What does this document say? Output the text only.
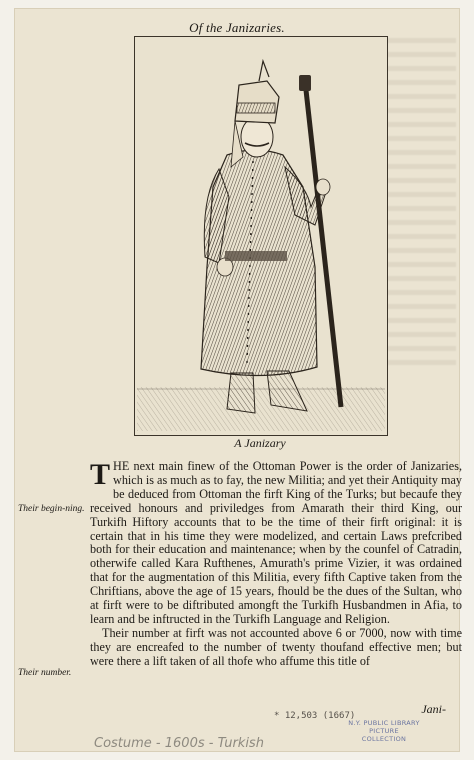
Of the Janizaries.
A Janizary
Their begin-ning.
Their number.

THE next main finew of the Ottoman Power is the order of Janizaries, which is as much as to fay, the new Militia; and yet their Antiquity may be deduced from Ottoman the firft King of the Turks; but becaufe they received honours and priviledges from Amarath their third King, our Turkifh Hiftory accounts that to be the time of their firft original: it is certain that in his time they were modelized, and certain Laws prefcribed both for their education and maintenance; when by the counfel of Catradin, otherwife called Kara Rufthenes, Amurath's prime Vizier, it was ordained that for the augmentation of this Militia, every fifth Captive taken from the Chriftians, above the age of 15 years, fhould be the dues of the Sultan, who at firft were to be diftributed amongft the Turkifh Husbandmen in Afia, to learn and be inftructed in the Turkifh Language and Religion.

Their number at firft was not accounted above 6 or 7000, now with time they are encreafed to the number of twenty thoufand effective men; but were there a lift taken of all thofe who affume this title of

Jani-
* 12,503 (1667)
N.Y. PUBLIC LIBRARY
PICTURE COLLECTION
Costume - 1600s - Turkish
